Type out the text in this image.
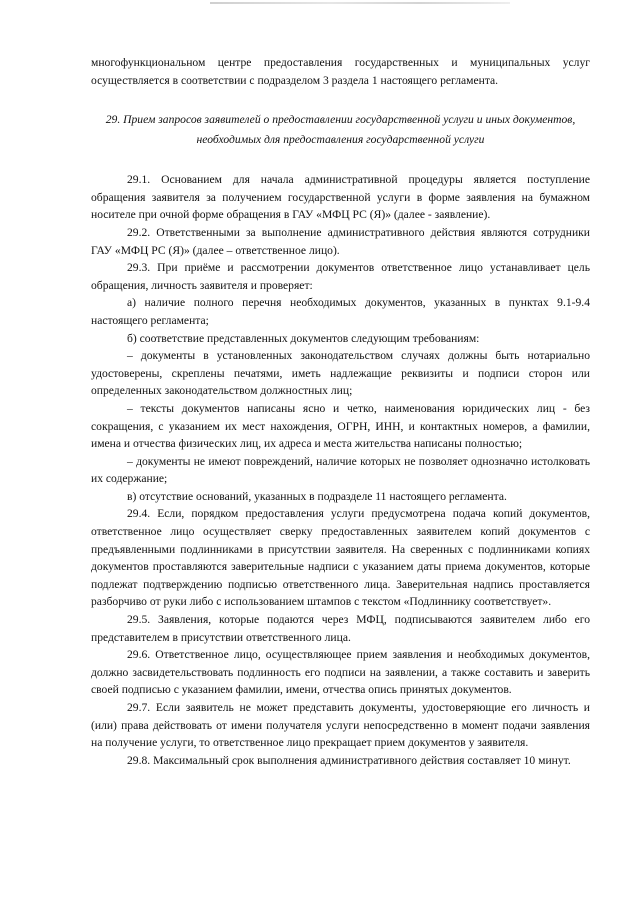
многофункциональном центре предоставления государственных и муниципальных услуг осуществляется в соответствии с подразделом 3 раздела 1 настоящего регламента.

29. Прием запросов заявителей о предоставлении государственной услуги и иных документов, необходимых для предоставления государственной услуги

29.1. Основанием для начала административной процедуры является поступление обращения заявителя за получением государственной услуги в форме заявления на бумажном носителе при очной форме обращения в ГАУ «МФЦ РС (Я)» (далее - заявление).

29.2. Ответственными за выполнение административного действия являются сотрудники ГАУ «МФЦ РС (Я)» (далее – ответственное лицо).

29.3. При приёме и рассмотрении документов ответственное лицо устанавливает цель обращения, личность заявителя и проверяет:

а) наличие полного перечня необходимых документов, указанных в пунктах 9.1-9.4 настоящего регламента;

б) соответствие представленных документов следующим требованиям:

– документы в установленных законодательством случаях должны быть нотариально удостоверены, скреплены печатями, иметь надлежащие реквизиты и подписи сторон или определенных законодательством должностных лиц;

– тексты документов написаны ясно и четко, наименования юридических лиц - без сокращения, с указанием их мест нахождения, ОГРН, ИНН, и контактных номеров, а фамилии, имена и отчества физических лиц, их адреса и места жительства написаны полностью;

– документы не имеют повреждений, наличие которых не позволяет однозначно истолковать их содержание;

в) отсутствие оснований, указанных в подразделе 11 настоящего регламента.

29.4. Если, порядком предоставления услуги предусмотрена подача копий документов, ответственное лицо осуществляет сверку предоставленных заявителем копий документов с предъявленными подлинниками в присутствии заявителя. На сверенных с подлинниками копиях документов проставляются заверительные надписи с указанием даты приема документов, которые подлежат подтверждению подписью ответственного лица. Заверительная надпись проставляется разборчиво от руки либо с использованием штампов с текстом «Подлиннику соответствует».

29.5. Заявления, которые подаются через МФЦ, подписываются заявителем либо его представителем в присутствии ответственного лица.

29.6. Ответственное лицо, осуществляющее прием заявления и необходимых документов, должно засвидетельствовать подлинность его подписи на заявлении, а также составить и заверить своей подписью с указанием фамилии, имени, отчества опись принятых документов.

29.7. Если заявитель не может представить документы, удостоверяющие его личность и (или) права действовать от имени получателя услуги непосредственно в момент подачи заявления на получение услуги, то ответственное лицо прекращает прием документов у заявителя.

29.8. Максимальный срок выполнения административного действия составляет 10 минут.
